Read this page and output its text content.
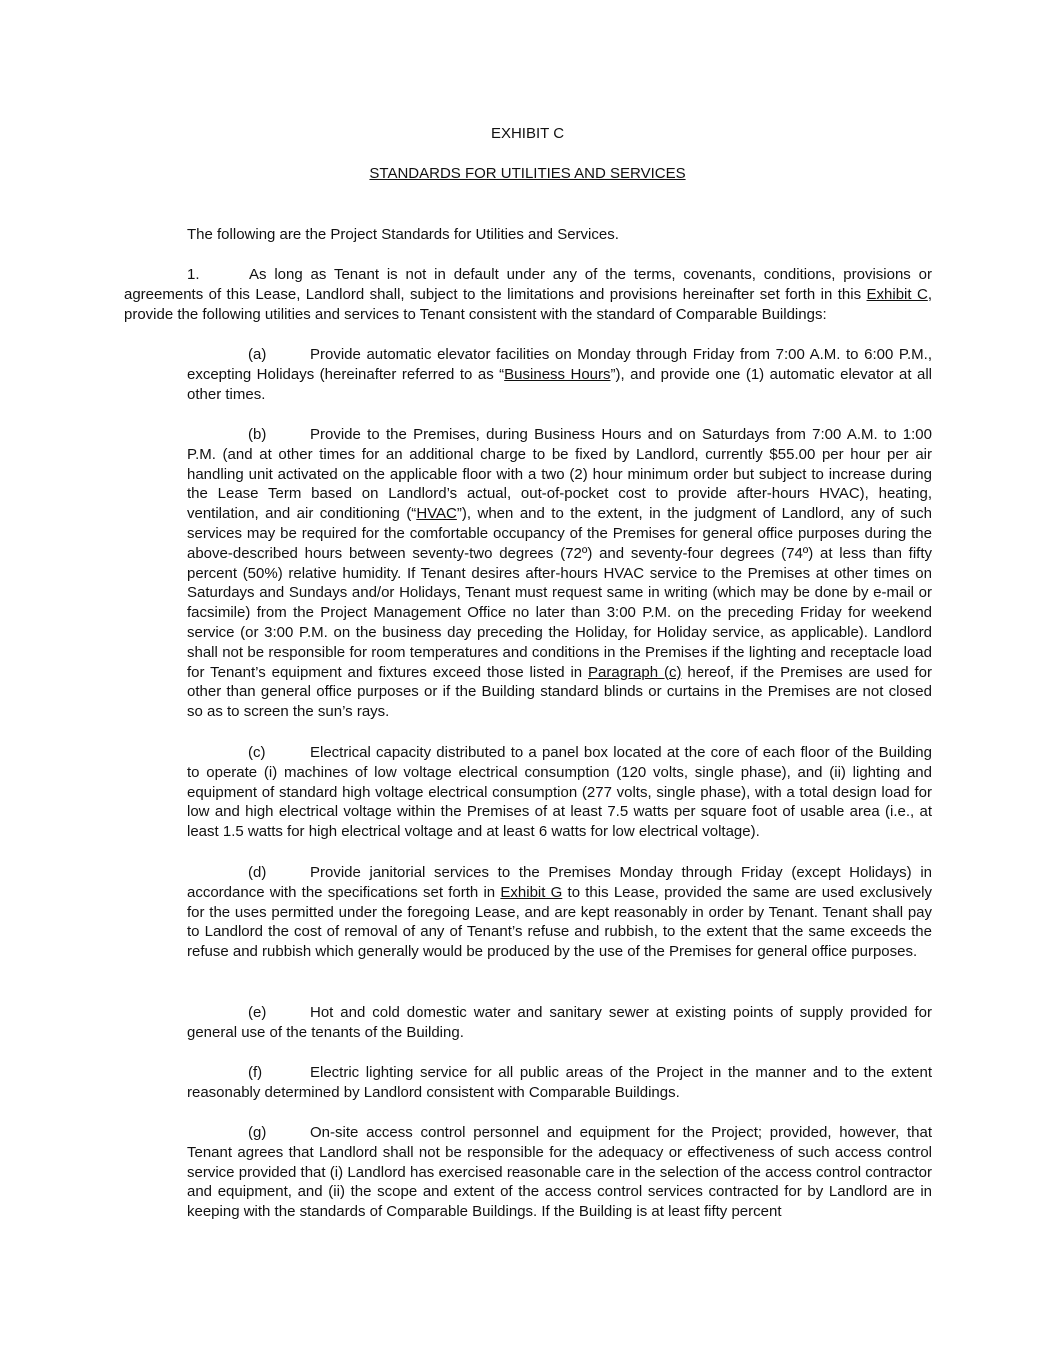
EXHIBIT C

STANDARDS FOR UTILITIES AND SERVICES

The following are the Project Standards for Utilities and Services.

1.	As long as Tenant is not in default under any of the terms, covenants, conditions, provisions or agreements of this Lease, Landlord shall, subject to the limitations and provisions hereinafter set forth in this Exhibit C, provide the following utilities and services to Tenant consistent with the standard of Comparable Buildings:

(a)	Provide automatic elevator facilities on Monday through Friday from 7:00 A.M. to 6:00 P.M., excepting Holidays (hereinafter referred to as “Business Hours”), and provide one (1) automatic elevator at all other times.

(b)	Provide to the Premises, during Business Hours and on Saturdays from 7:00 A.M. to 1:00 P.M. (and at other times for an additional charge to be fixed by Landlord, currently $55.00 per hour per air handling unit activated on the applicable floor with a two (2) hour minimum order but subject to increase during the Lease Term based on Landlord’s actual, out-of-pocket cost to provide after-hours HVAC), heating, ventilation, and air conditioning (“HVAC”), when and to the extent, in the judgment of Landlord, any of such services may be required for the comfortable occupancy of the Premises for general office purposes during the above-described hours between seventy-two degrees (72º) and seventy-four degrees (74º) at less than fifty percent (50%) relative humidity. If Tenant desires after-hours HVAC service to the Premises at other times on Saturdays and Sundays and/or Holidays, Tenant must request same in writing (which may be done by e-mail or facsimile) from the Project Management Office no later than 3:00 P.M. on the preceding Friday for weekend service (or 3:00 P.M. on the business day preceding the Holiday, for Holiday service, as applicable). Landlord shall not be responsible for room temperatures and conditions in the Premises if the lighting and receptacle load for Tenant’s equipment and fixtures exceed those listed in Paragraph (c) hereof, if the Premises are used for other than general office purposes or if the Building standard blinds or curtains in the Premises are not closed so as to screen the sun’s rays.

(c)	Electrical capacity distributed to a panel box located at the core of each floor of the Building to operate (i) machines of low voltage electrical consumption (120 volts, single phase), and (ii) lighting and equipment of standard high voltage electrical consumption (277 volts, single phase), with a total design load for low and high electrical voltage within the Premises of at least 7.5 watts per square foot of usable area (i.e., at least 1.5 watts for high electrical voltage and at least 6 watts for low electrical voltage).

(d)	Provide janitorial services to the Premises Monday through Friday (except Holidays) in accordance with the specifications set forth in Exhibit G to this Lease, provided the same are used exclusively for the uses permitted under the foregoing Lease, and are kept reasonably in order by Tenant. Tenant shall pay to Landlord the cost of removal of any of Tenant’s refuse and rubbish, to the extent that the same exceeds the refuse and rubbish which generally would be produced by the use of the Premises for general office purposes.

(e)	Hot and cold domestic water and sanitary sewer at existing points of supply provided for general use of the tenants of the Building.

(f)	Electric lighting service for all public areas of the Project in the manner and to the extent reasonably determined by Landlord consistent with Comparable Buildings.

(g)	On-site access control personnel and equipment for the Project; provided, however, that Tenant agrees that Landlord shall not be responsible for the adequacy or effectiveness of such access control service provided that (i) Landlord has exercised reasonable care in the selection of the access control contractor and equipment, and (ii) the scope and extent of the access control services contracted for by Landlord are in keeping with the standards of Comparable Buildings. If the Building is at least fifty percent
